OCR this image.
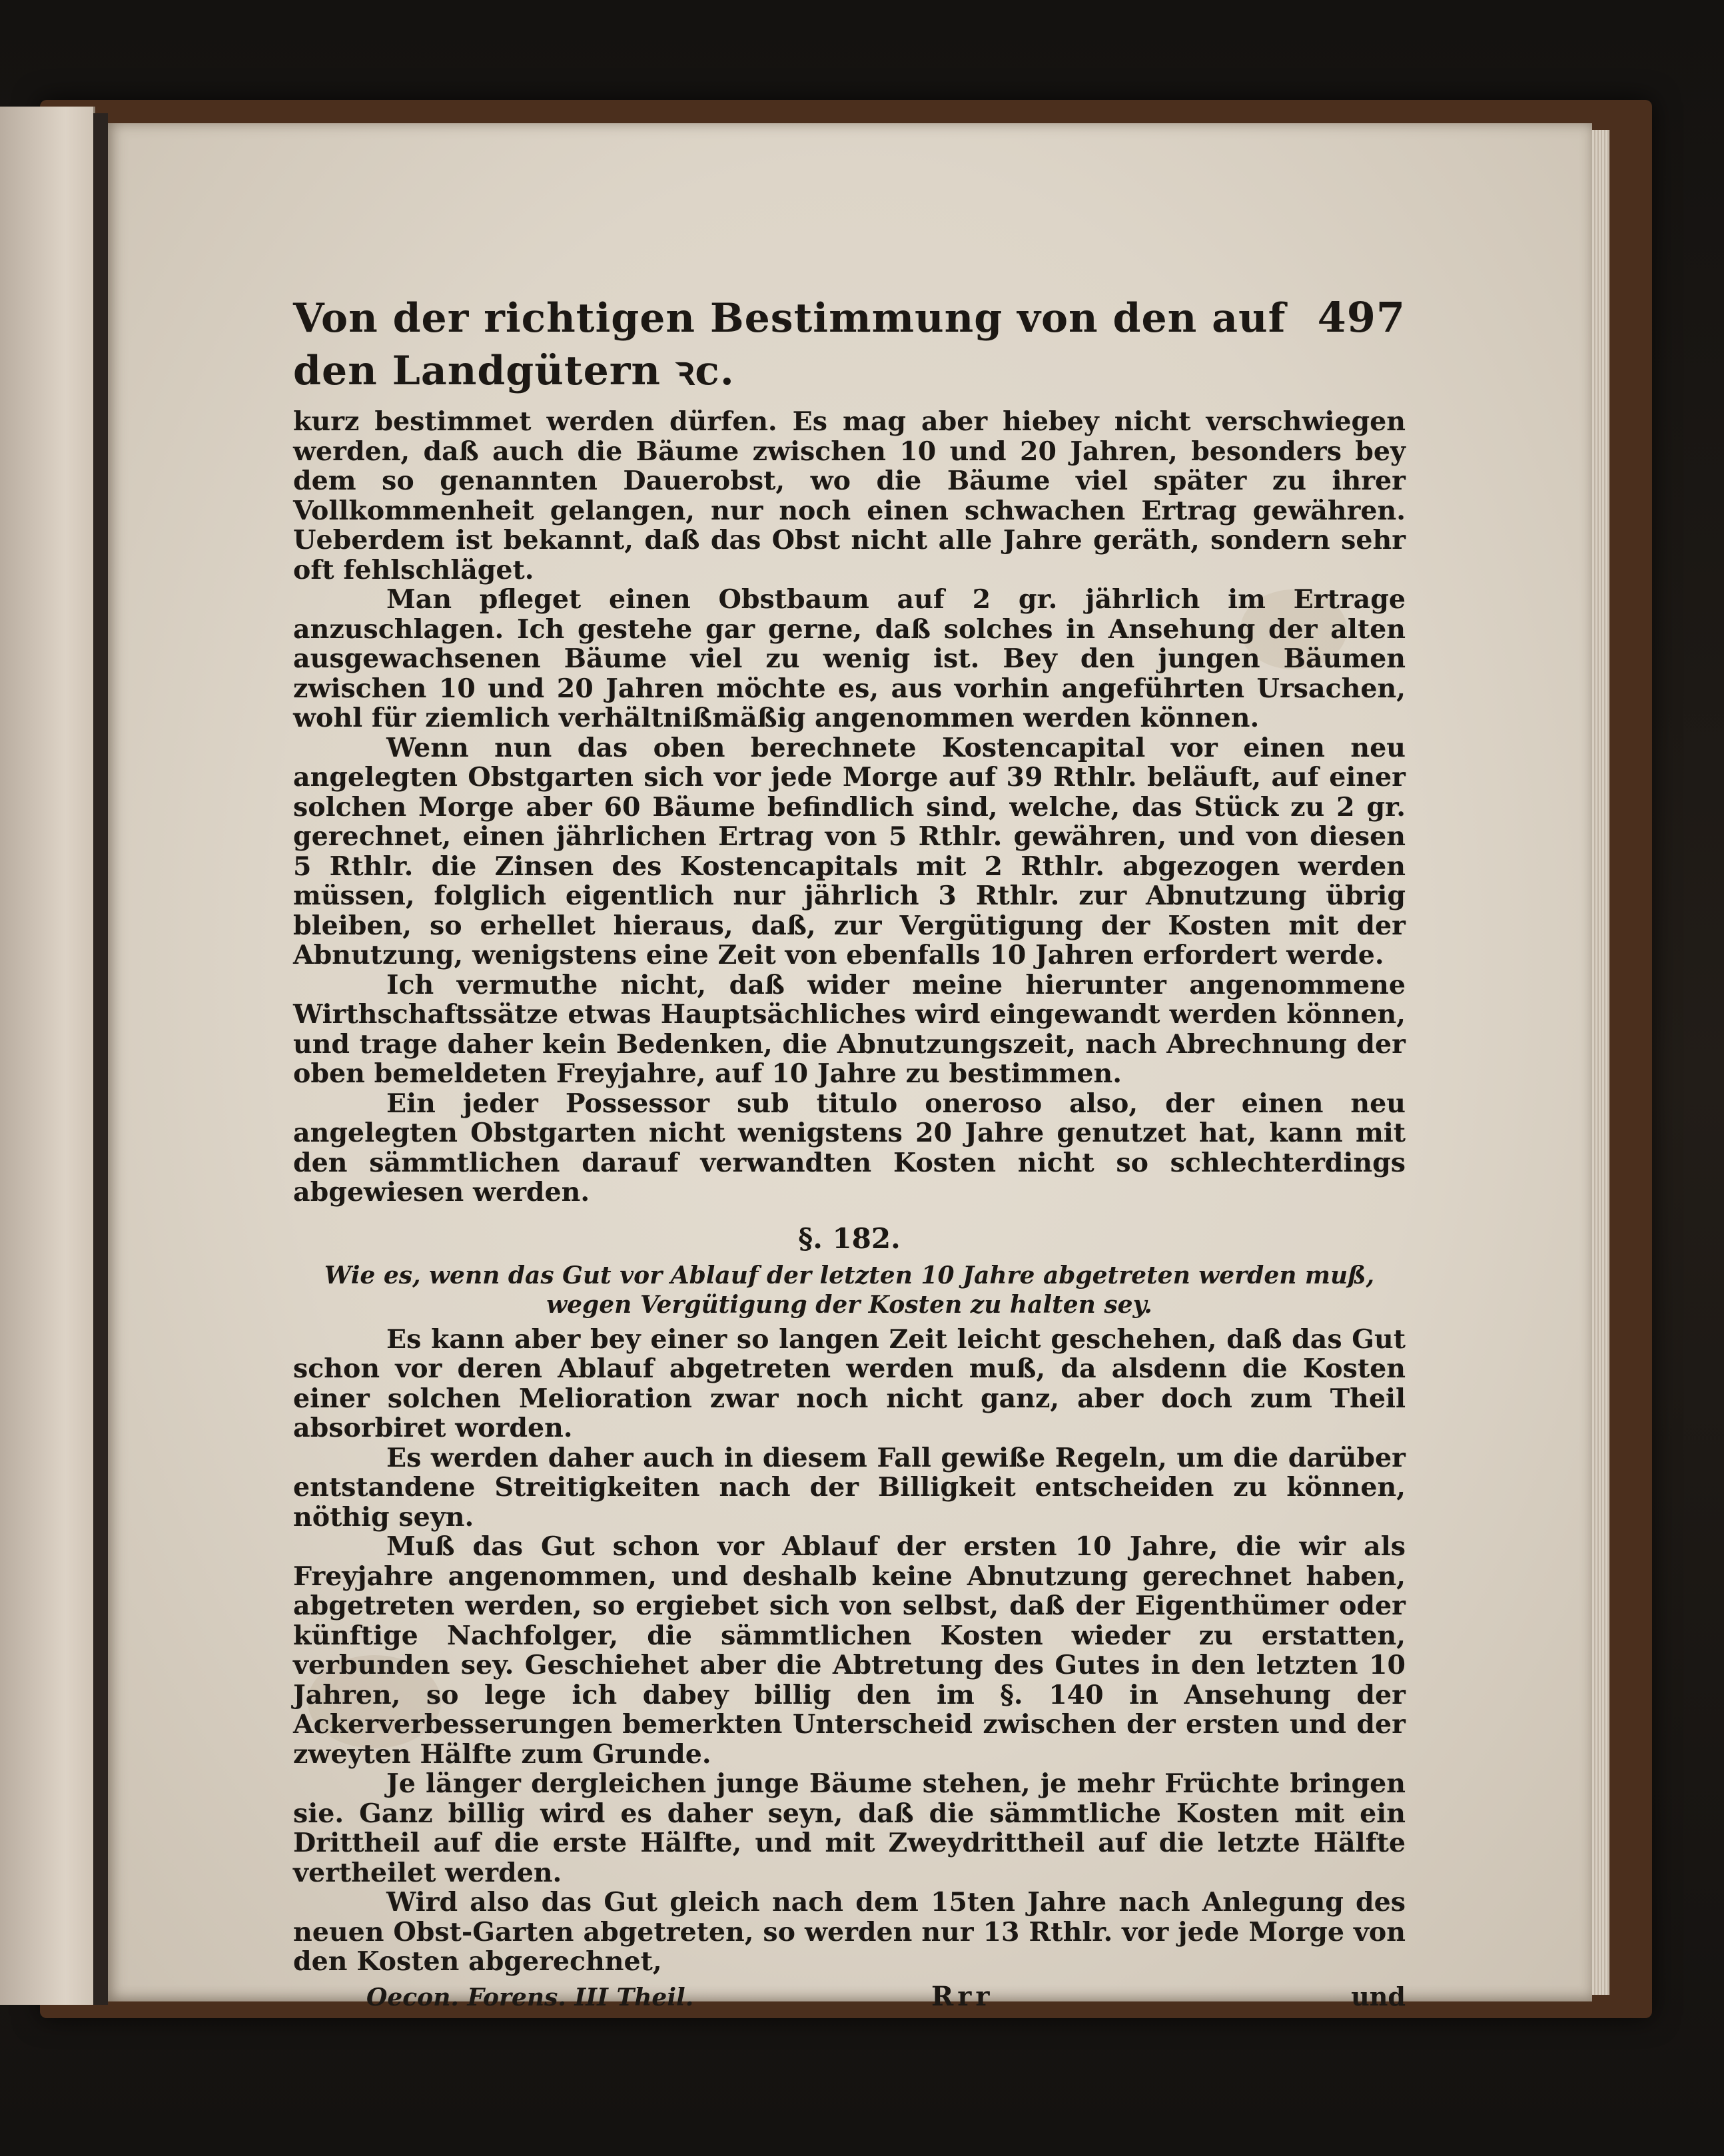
Von der richtigen Bestimmung von den auf den Landgütern ꝛc.
497

kurz bestimmet werden dürfen. Es mag aber hiebey nicht verschwiegen werden, daß auch die Bäume zwischen 10 und 20 Jahren, besonders bey dem so genannten Dauerobst, wo die Bäume viel später zu ihrer Vollkommenheit gelangen, nur noch einen schwachen Ertrag gewähren. Ueberdem ist bekannt, daß das Obst nicht alle Jahre geräth, sondern sehr oft fehlschläget.

Man pfleget einen Obstbaum auf 2 gr. jährlich im Ertrage anzuschlagen. Ich gestehe gar gerne, daß solches in Ansehung der alten ausgewachsenen Bäume viel zu wenig ist. Bey den jungen Bäumen zwischen 10 und 20 Jahren möchte es, aus vorhin angeführten Ursachen, wohl für ziemlich verhältnißmäßig angenommen werden können.

Wenn nun das oben berechnete Kostencapital vor einen neu angelegten Obstgarten sich vor jede Morge auf 39 Rthlr. beläuft, auf einer solchen Morge aber 60 Bäume befindlich sind, welche, das Stück zu 2 gr. gerechnet, einen jährlichen Ertrag von 5 Rthlr. gewähren, und von diesen 5 Rthlr. die Zinsen des Kostencapitals mit 2 Rthlr. abgezogen werden müssen, folglich eigentlich nur jährlich 3 Rthlr. zur Abnutzung übrig bleiben, so erhellet hieraus, daß, zur Vergütigung der Kosten mit der Abnutzung, wenigstens eine Zeit von ebenfalls 10 Jahren erfordert werde.

Ich vermuthe nicht, daß wider meine hierunter angenommene Wirthschaftssätze etwas Hauptsächliches wird eingewandt werden können, und trage daher kein Bedenken, die Abnutzungszeit, nach Abrechnung der oben bemeldeten Freyjahre, auf 10 Jahre zu bestimmen.

Ein jeder Possessor sub titulo oneroso also, der einen neu angelegten Obstgarten nicht wenigstens 20 Jahre genutzet hat, kann mit den sämmtlichen darauf verwandten Kosten nicht so schlechterdings abgewiesen werden.

§. 182.
Wie es, wenn das Gut vor Ablauf der letzten 10 Jahre abgetreten werden muß, wegen Vergütigung der Kosten zu halten sey.

Es kann aber bey einer so langen Zeit leicht geschehen, daß das Gut schon vor deren Ablauf abgetreten werden muß, da alsdenn die Kosten einer solchen Melioration zwar noch nicht ganz, aber doch zum Theil absorbiret worden.

Es werden daher auch in diesem Fall gewiße Regeln, um die darüber entstandene Streitigkeiten nach der Billigkeit entscheiden zu können, nöthig seyn.

Muß das Gut schon vor Ablauf der ersten 10 Jahre, die wir als Freyjahre angenommen, und deshalb keine Abnutzung gerechnet haben, abgetreten werden, so ergiebet sich von selbst, daß der Eigenthümer oder künftige Nachfolger, die sämmtlichen Kosten wieder zu erstatten, verbunden sey. Geschiehet aber die Abtretung des Gutes in den letzten 10 Jahren, so lege ich dabey billig den im §. 140 in Ansehung der Ackerverbesserungen bemerkten Unterscheid zwischen der ersten und der zweyten Hälfte zum Grunde.

Je länger dergleichen junge Bäume stehen, je mehr Früchte bringen sie. Ganz billig wird es daher seyn, daß die sämmtliche Kosten mit ein Drittheil auf die erste Hälfte, und mit Zweydrittheil auf die letzte Hälfte vertheilet werden.

Wird also das Gut gleich nach dem 15ten Jahre nach Anlegung des neuen Obst-Garten abgetreten, so werden nur 13 Rthlr. vor jede Morge von den Kosten abgerechnet,

Oecon. Forens. III Theil.	Rrr	und
